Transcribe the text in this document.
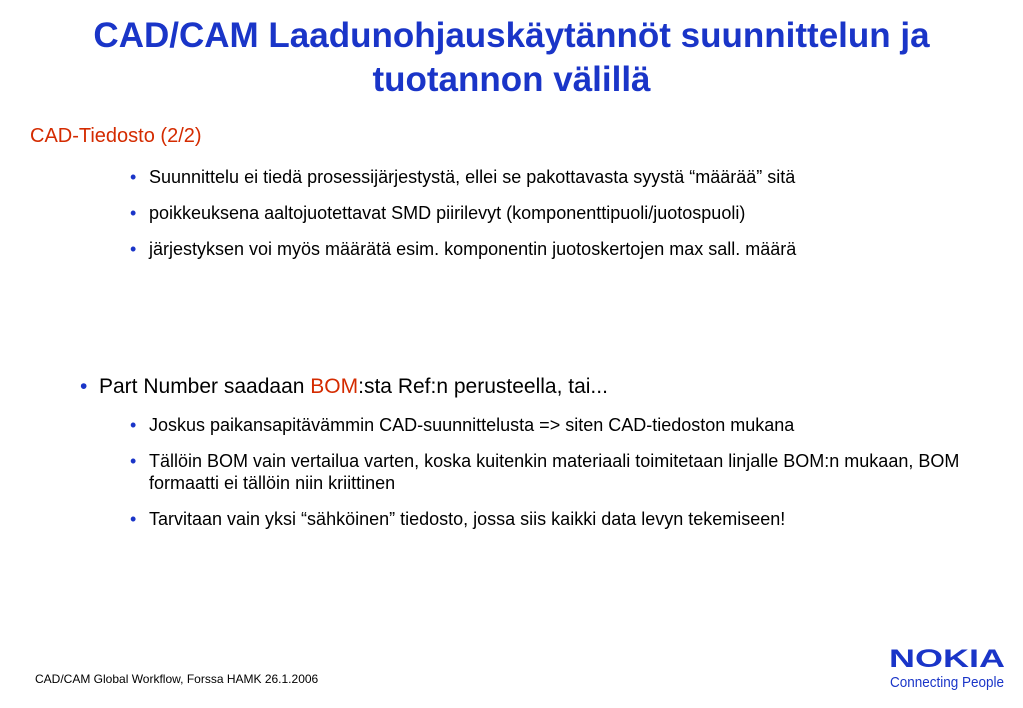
CAD/CAM Laadunohjauskäytännöt suunnittelun ja
tuotannon välillä
CAD-Tiedosto (2/2)
• Suunnittelu ei tiedä prosessijärjestystä, ellei se pakottavasta syystä “määrää” sitä
• poikkeuksena aaltojuotettavat SMD piirilevyt (komponenttipuoli/juotospuoli)
• järjestyksen voi myös määrätä esim. komponentin juotoskertojen max sall. määrä
• Part Number saadaan BOM:sta Ref:n perusteella, tai...
• Joskus paikansapitävämmin CAD-suunnittelusta => siten CAD-tiedoston mukana
• Tällöin BOM vain vertailua varten, koska kuitenkin materiaali toimitetaan linjalle BOM:n mukaan, BOM formaatti ei tällöin niin kriittinen
• Tarvitaan vain yksi “sähköinen” tiedosto, jossa siis kaikki data levyn tekemiseen!
CAD/CAM Global Workflow, Forssa HAMK 26.1.2006
NOKIA
Connecting People
